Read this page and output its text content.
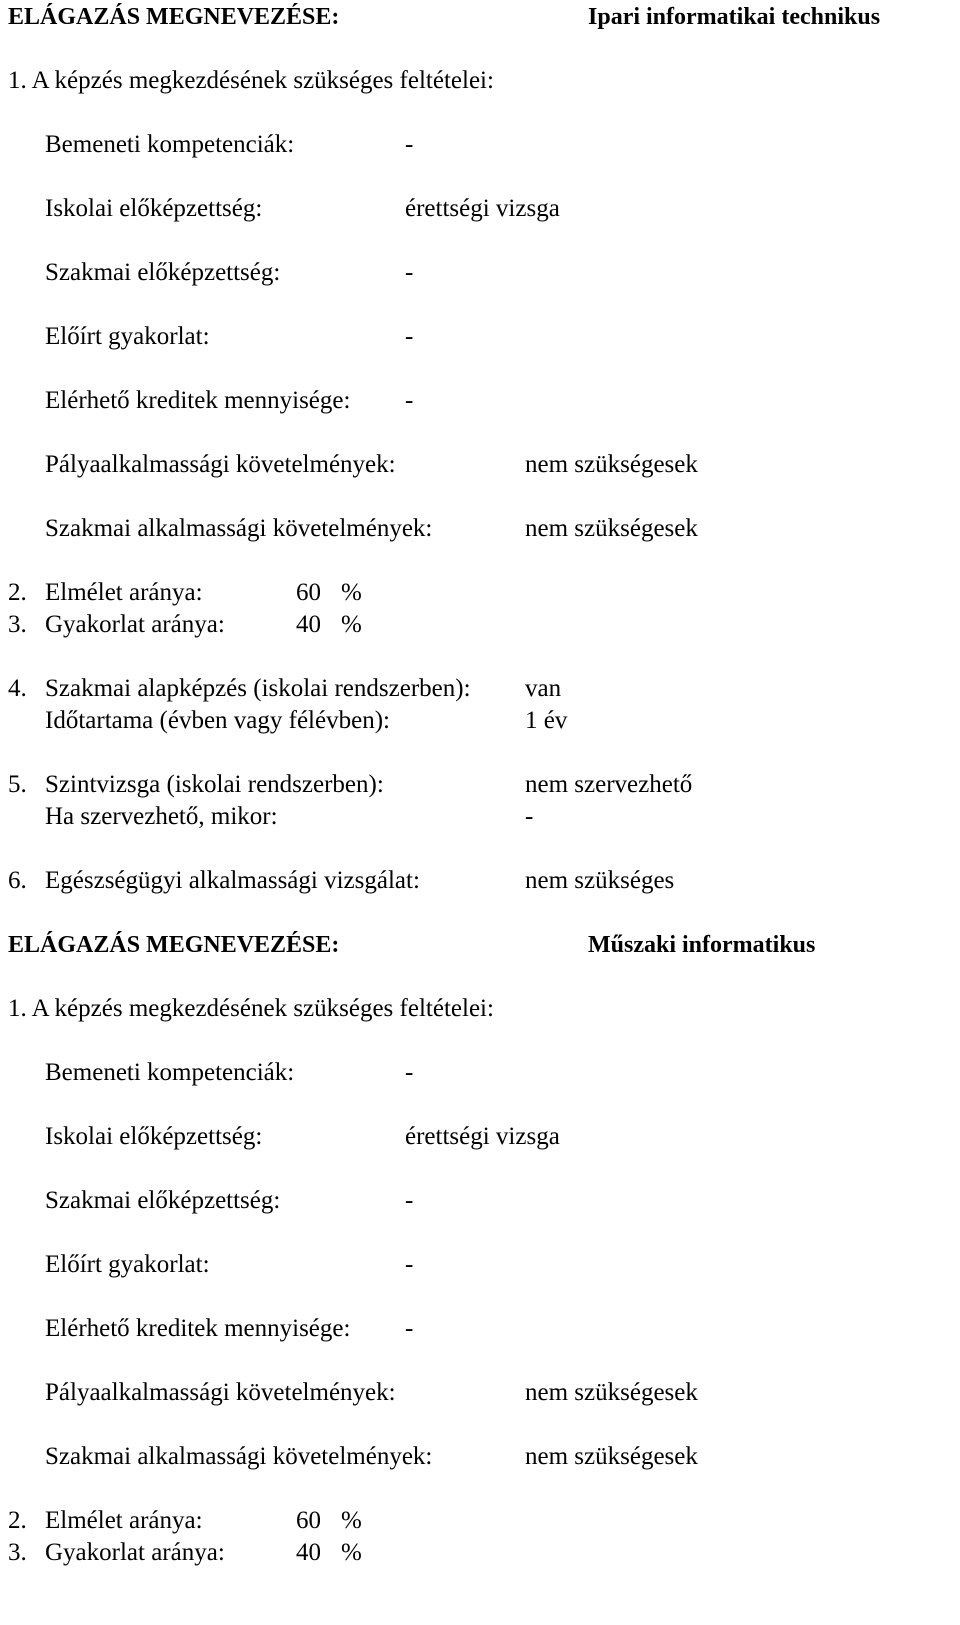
ELÁGAZÁS MEGNEVEZÉSE:	Ipari informatikai technikus
1. A képzés megkezdésének szükséges feltételei:
Bemeneti kompetenciák:	-
Iskolai előképzettség:	érettségi vizsga
Szakmai előképzettség:	-
Előírt gyakorlat:	-
Elérhető kreditek mennyisége: -
Pályaalkalmassági követelmények:	nem szükségesek
Szakmai alkalmassági követelmények:	nem szükségesek
2. Elmélet aránya:	60 %
3. Gyakorlat aránya:	40 %
4. Szakmai alapképzés (iskolai rendszerben): van
Időtartama (évben vagy félévben):	1 év
5. Szintvizsga (iskolai rendszerben):	nem szervezhető
Ha szervezhető, mikor:	-
6. Egészségügyi alkalmassági vizsgálat:	nem szükséges
ELÁGAZÁS MEGNEVEZÉSE:	Műszaki informatikus
1. A képzés megkezdésének szükséges feltételei:
Bemeneti kompetenciák:	-
Iskolai előképzettség:	érettségi vizsga
Szakmai előképzettség:	-
Előírt gyakorlat:	-
Elérhető kreditek mennyisége: -
Pályaalkalmassági követelmények:	nem szükségesek
Szakmai alkalmassági követelmények:	nem szükségesek
2. Elmélet aránya:	60 %
3. Gyakorlat aránya:	40 %
